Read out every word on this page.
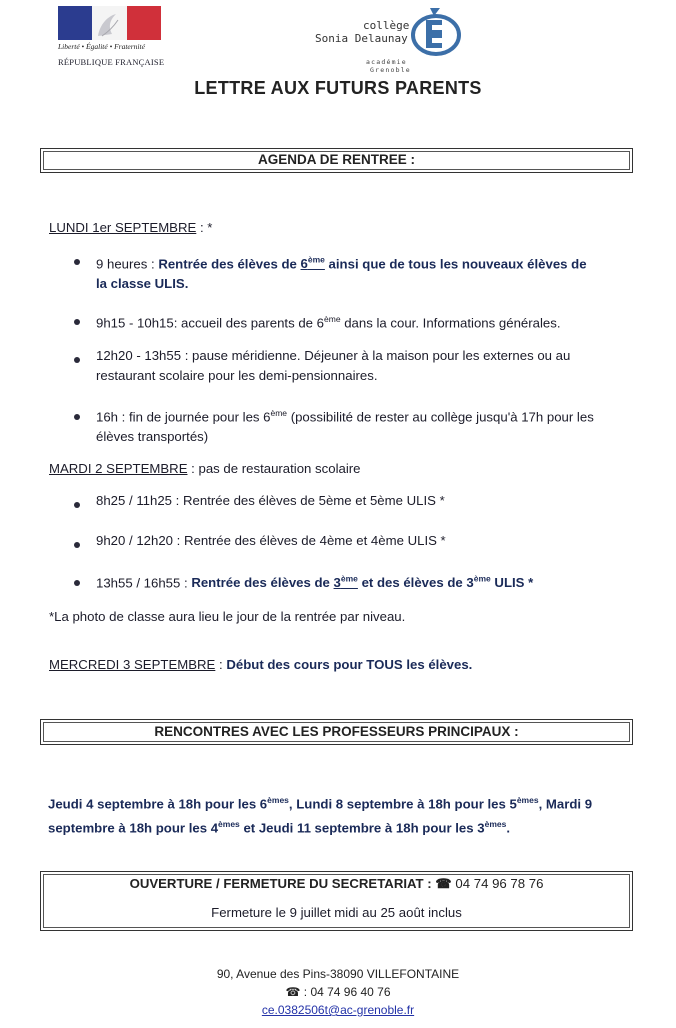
Liberté • Égalité • Fraternité
RÉPUBLIQUE FRANÇAISE
collège
Sonia Delaunay
académie
Grenoble
LETTRE AUX FUTURS PARENTS
AGENDA DE RENTREE :
LUNDI 1er SEPTEMBRE : *
9 heures : Rentrée des élèves de 6ème ainsi que de tous les nouveaux élèves de
la classe ULIS.
9h15 - 10h15: accueil des parents de 6ème dans la cour. Informations générales.
12h20 - 13h55 : pause méridienne. Déjeuner à la maison pour les externes ou au
restaurant scolaire pour les demi-pensionnaires.
16h : fin de journée pour les 6ème (possibilité de rester au collège jusqu'à 17h pour les
élèves transportés)
MARDI 2 SEPTEMBRE : pas de restauration scolaire
8h25 / 11h25 : Rentrée des élèves de 5ème et 5ème ULIS *
9h20 / 12h20 : Rentrée des élèves de 4ème et 4ème ULIS *
13h55 / 16h55 : Rentrée des élèves de 3ème et des élèves de 3ème ULIS *
*La photo de classe aura lieu le jour de la rentrée par niveau.
MERCREDI 3 SEPTEMBRE : Début des cours pour TOUS les élèves.
RENCONTRES AVEC LES PROFESSEURS PRINCIPAUX :
Jeudi 4 septembre à 18h pour les 6èmes, Lundi 8 septembre à 18h pour les 5èmes, Mardi 9
septembre à 18h pour les 4èmes et Jeudi 11 septembre à 18h pour les 3èmes.
OUVERTURE / FERMETURE DU SECRETARIAT : ☎ 04 74 96 78 76
Fermeture le 9 juillet midi au 25 août inclus
90, Avenue des Pins-38090 VILLEFONTAINE
☎ : 04 74 96 40 76
ce.0382506t@ac-grenoble.fr
